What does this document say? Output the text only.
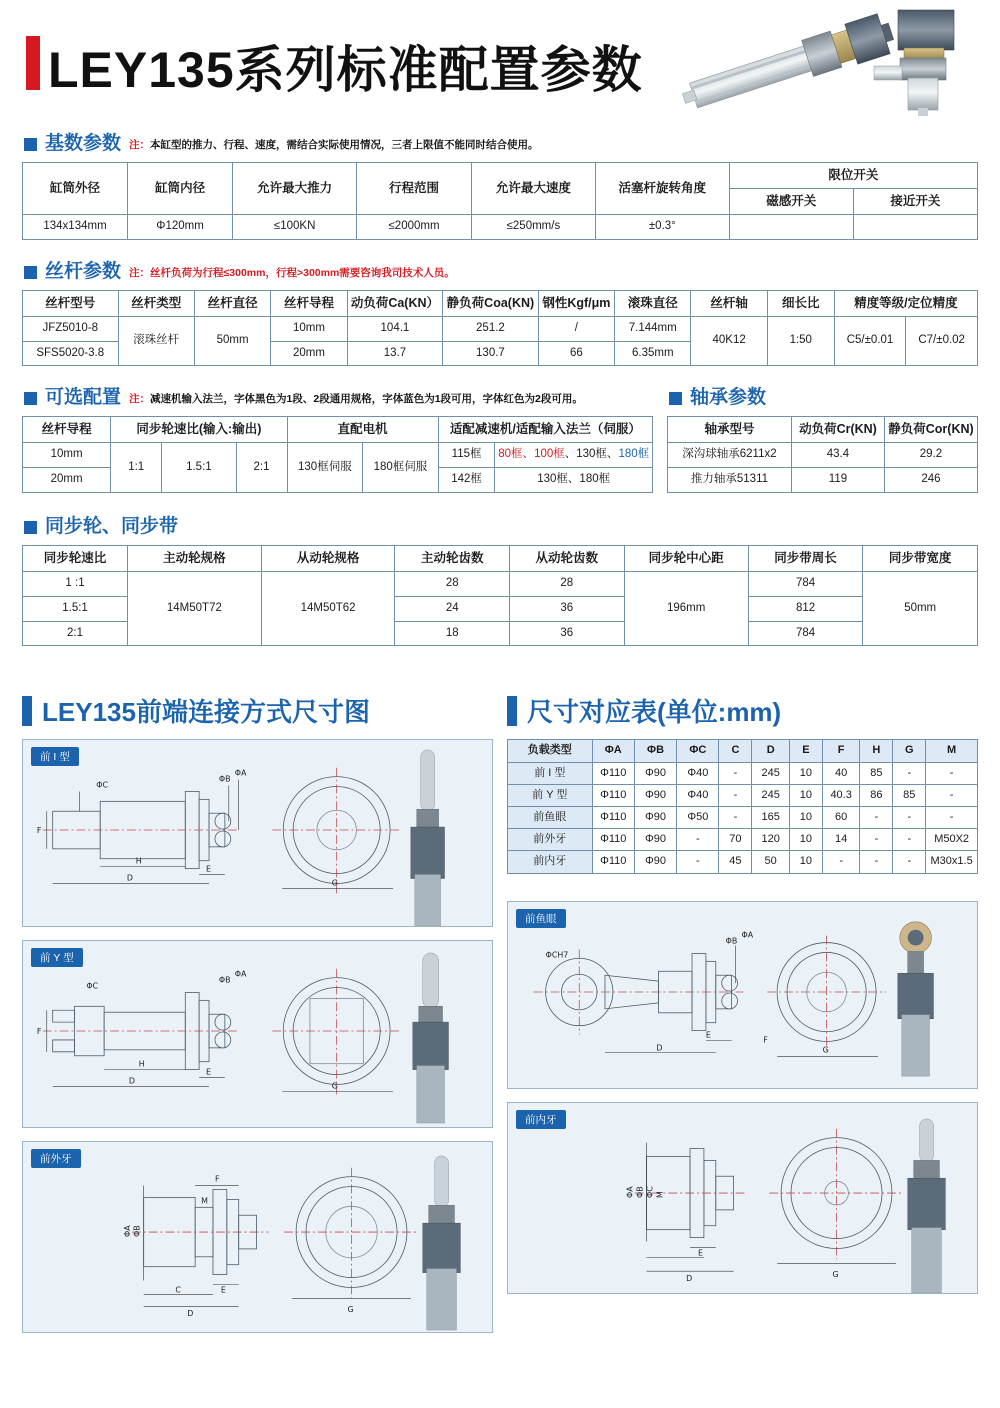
LEY135系列标准配置参数
基数参数 注：本缸型的推力、行程、速度，需结合实际使用情况，三者上限值不能同时结合使用。
缸筒外径	缸筒内径	允许最大推力	行程范围	允许最大速度	活塞杆旋转角度	限位开关	
						磁感开关	接近开关
134x134mm	Φ120mm	≤100KN	≤2000mm	≤250mm/s	±0.3°		
丝杆参数 注：丝杆负荷为行程≤300mm，行程>300mm需要咨询我司技术人员。
丝杆型号	丝杆类型	丝杆直径	丝杆导程	动负荷Ca(KN）	静负荷Coa(KN)	钢性Kgf/μm	滚珠直径	丝杆轴	细长比	精度等级/定位精度	
JFZ5010-8	滚珠丝杆	50mm	10mm	104.1	251.2	/	7.144mm	40K12	1:50	C5/±0.01	C7/±0.02
SFS5020-3.8			20mm	13.7	130.7	66	6.35mm				
可选配置 注：减速机输入法兰，字体黑色为1段、2段通用规格，字体蓝色为1段可用，字体红色为2段可用。
丝杆导程	同步轮速比(输入:输出)			直配电机		适配减速机/适配输入法兰（伺服）	
10mm	1:1	1.5:1	2:1	130框伺服	180框伺服	115框	80框、100框、130框、180框
20mm						142框	130框、180框
轴承参数
轴承型号	动负荷Cr(KN)	静负荷Cor(KN)
深沟球轴承6211x2	43.4	29.2
推力轴承51311	119	246
同步轮、同步带
同步轮速比	主动轮规格	从动轮规格	主动轮齿数	从动轮齿数	同步轮中心距	同步带周长	同步带宽度
1 :1	14M50T72	14M50T62	28	28	196mm	784	50mm
1.5:1			24	36		812	
2:1			18	36		784	
LEY135前端连接方式尺寸图	尺寸对应表(单位:mm)
前 I 型
ΦC
ΦB
ΦA
F
H
E
D
G
前 Y 型
ΦC
ΦB
ΦA
F
H
E
D
G
前外牙
F
ΦA ΦB
M
C	E
D	G
负载类型	ΦA	ΦB	ΦC	C	D	E	F	H	G	M
前 I 型	Φ110	Φ90	Φ40	-	245	10	40	85	-	-
前 Y 型	Φ110	Φ90	Φ40	-	245	10	40.3	86	85	-
前鱼眼	Φ110	Φ90	Φ50	-	165	10	60	-	-	-
前外牙	Φ110	Φ90	-	70	120	10	14	-	-	M50X2
前内牙	Φ110	Φ90	-	45	50	10	-	-	-	M30x1.5
前鱼眼
ΦCH7
ΦB
ΦA
E
F
D	G
前内牙
ΦA ΦB ΦC M
E
D	G
